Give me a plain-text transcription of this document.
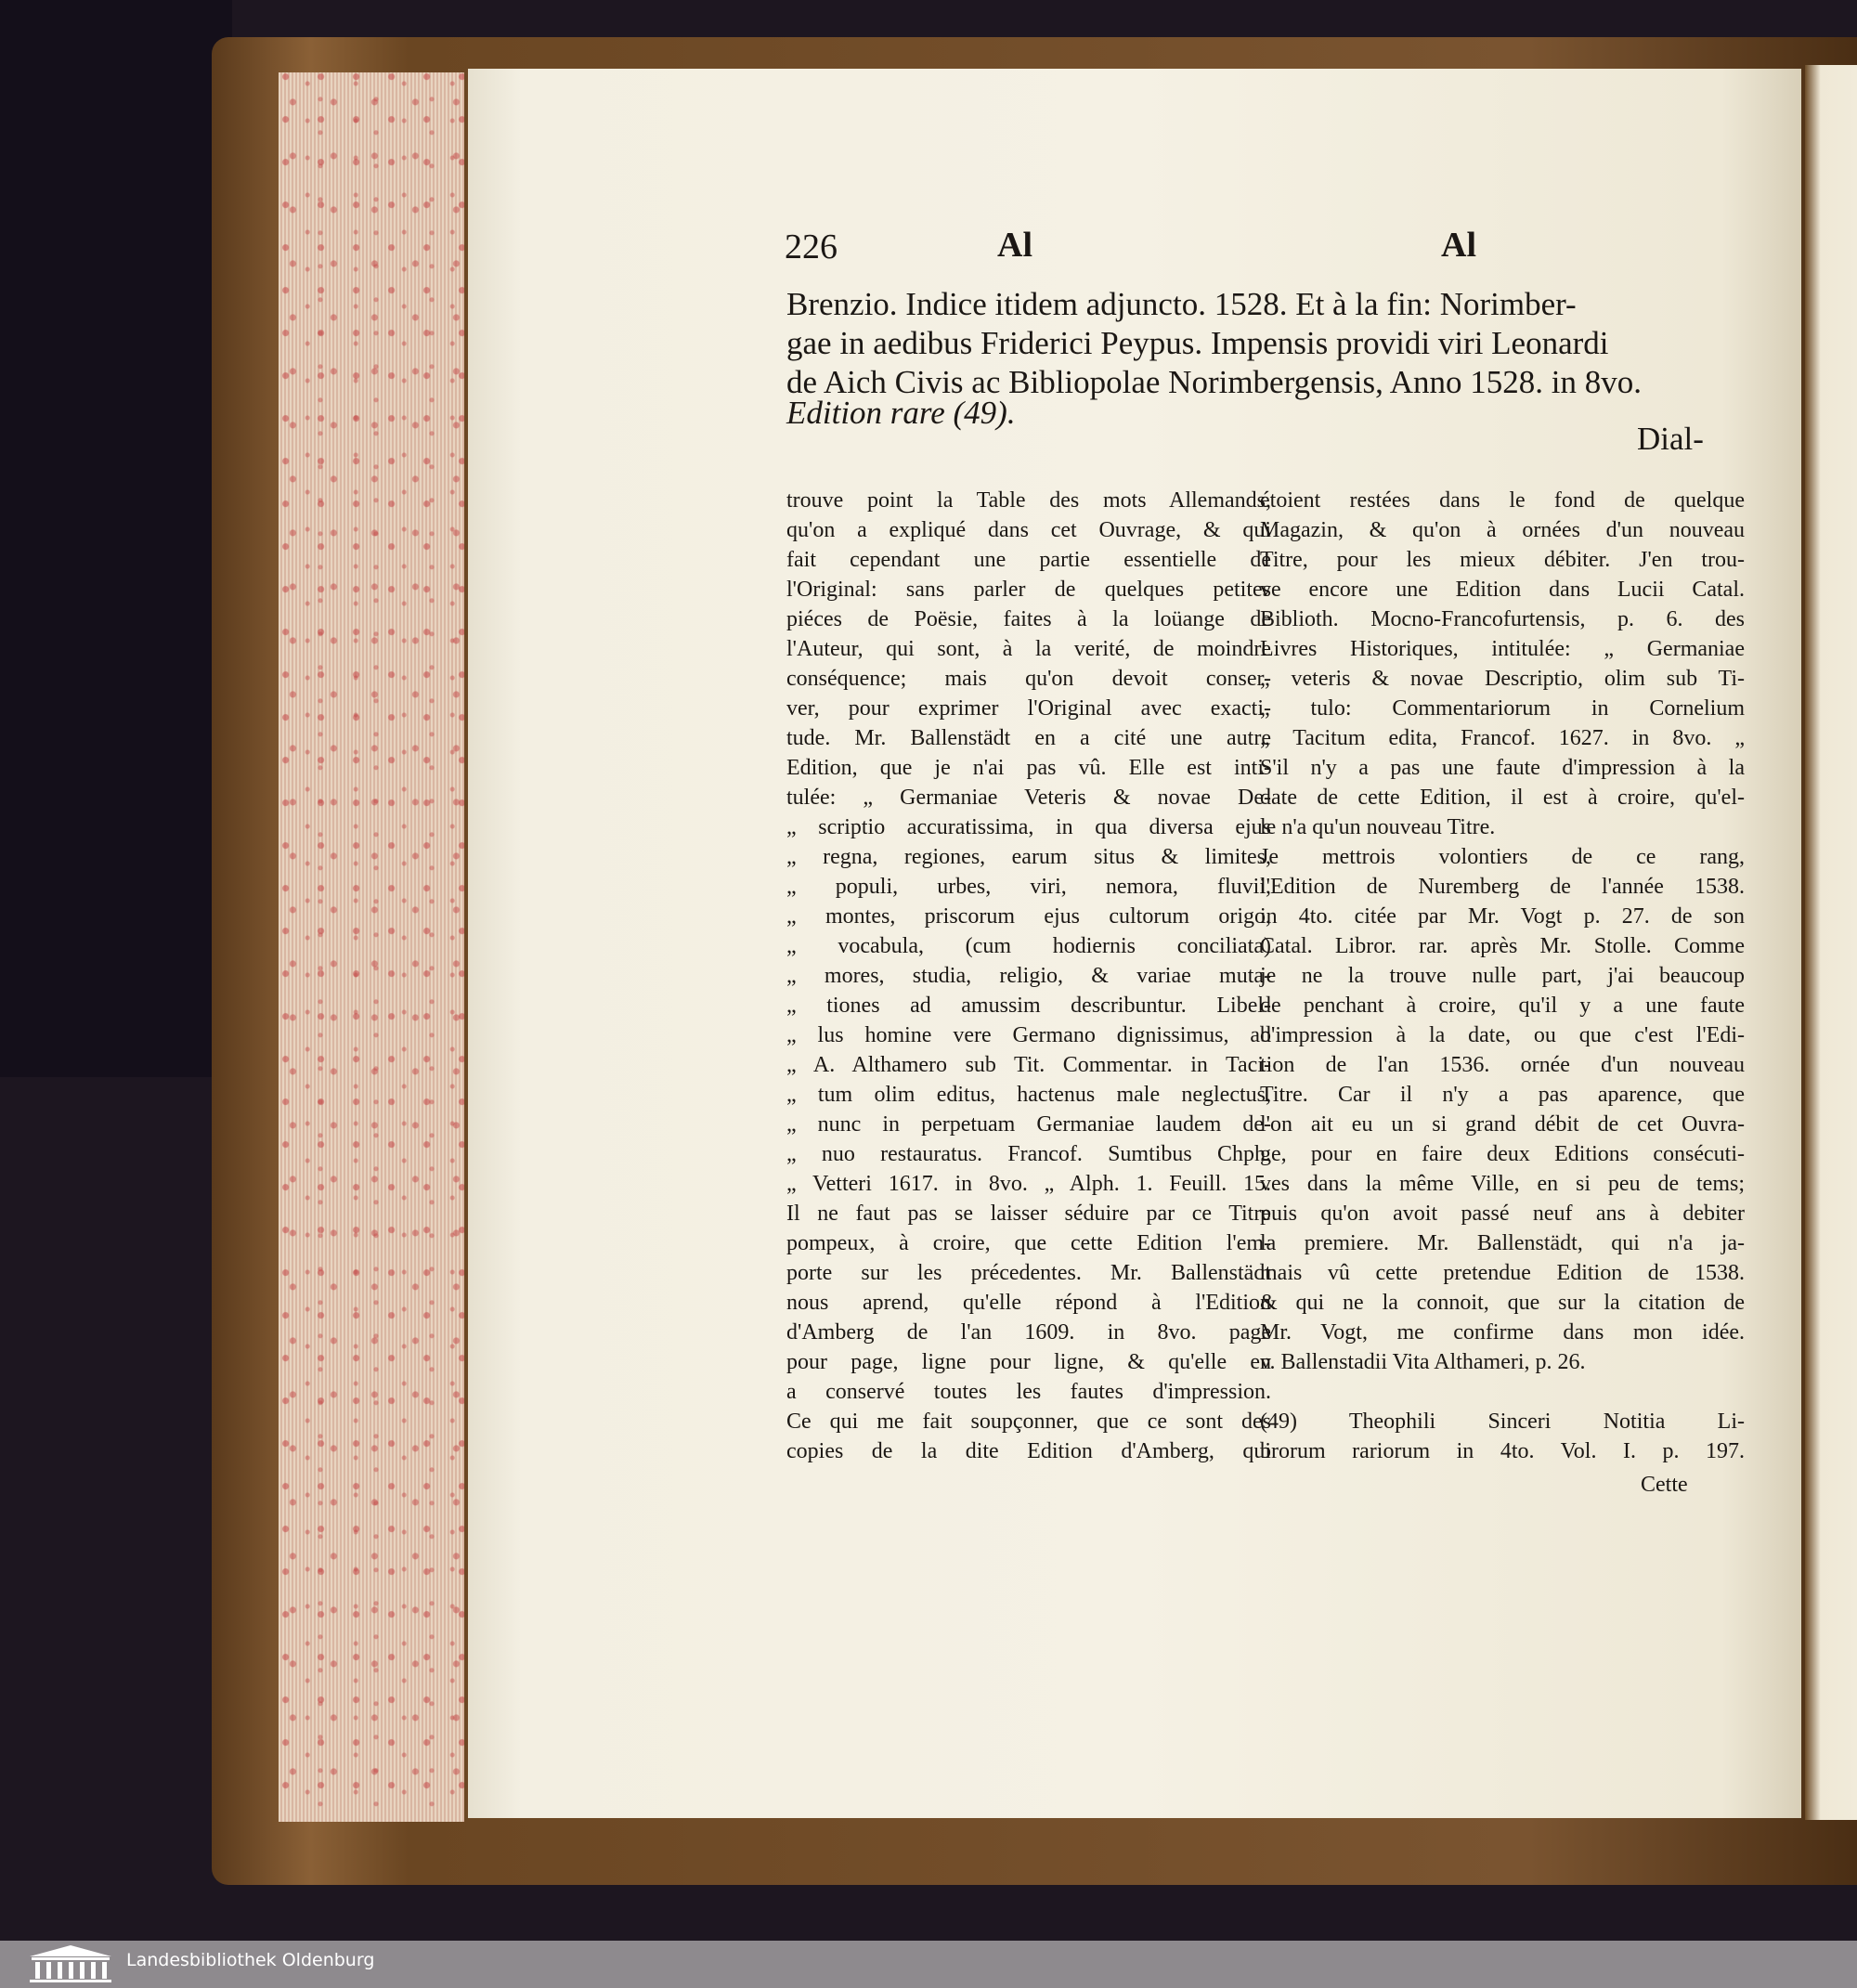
226	Al	Al
Brenzio. Indice itidem adjuncto. 1528. Et à la fin: Norimber-
gae in aedibus Friderici Peypus. Impensis providi viri Leonardi
de Aich Civis ac Bibliopolae Norimbergensis, Anno 1528. in 8vo.
Edition rare (49).
Dial-
trouve point la Table des mots Allemands,
qu'on a expliqué dans cet Ouvrage, & qui
fait cependant une partie essentielle de
l'Original: sans parler de quelques petites
piéces de Poësie, faites à la loüange de
l'Auteur, qui sont, à la verité, de moindre
conséquence; mais qu'on devoit conser-
ver, pour exprimer l'Original avec exacti-
tude. Mr. Ballenstädt en a cité une autre
Edition, que je n'ai pas vû. Elle est inti-
tulée: „ Germaniae Veteris & novae De-
„ scriptio accuratissima, in qua diversa ejus
„ regna, regiones, earum situs & limites,
„ populi, urbes, viri, nemora, fluvii,
„ montes, priscorum ejus cultorum origo,
„ vocabula, (cum hodiernis conciliata)
„ mores, studia, religio, & variae muta-
„ tiones ad amussim describuntur. Libel-
„ lus homine vere Germano dignissimus, ab
„ A. Althamero sub Tit. Commentar. in Taci-
„ tum olim editus, hactenus male neglectus,
„ nunc in perpetuam Germaniae laudem de-
„ nuo restauratus. Francof. Sumtibus Chph.
„ Vetteri 1617. in 8vo. „ Alph. 1. Feuill. 15.
Il ne faut pas se laisser séduire par ce Titre
pompeux, à croire, que cette Edition l'em-
porte sur les précedentes. Mr. Ballenstädt
nous aprend, qu'elle répond à l'Edition
d'Amberg de l'an 1609. in 8vo. page
pour page, ligne pour ligne, & qu'elle en
a conservé toutes les fautes d'impression.
Ce qui me fait soupçonner, que ce sont des
copies de la dite Edition d'Amberg, qui
étoient restées dans le fond de quelque
Magazin, & qu'on à ornées d'un nouveau
Titre, pour les mieux débiter. J'en trou-
ve encore une Edition dans Lucii Catal.
Biblioth. Mocno-Francofurtensis, p. 6. des
Livres Historiques, intitulée: „ Germaniae
„ veteris & novae Descriptio, olim sub Ti-
„ tulo: Commentariorum in Cornelium
„ Tacitum edita, Francof. 1627. in 8vo. „
S'il n'y a pas une faute d'impression à la
date de cette Edition, il est à croire, qu'el-
le n'a qu'un nouveau Titre.
Je mettrois volontiers de ce rang,
l'Edition de Nuremberg de l'année 1538.
in 4to. citée par Mr. Vogt p. 27. de son
Catal. Libror. rar. après Mr. Stolle. Comme
je ne la trouve nulle part, j'ai beaucoup
de penchant à croire, qu'il y a une faute
d'impression à la date, ou que c'est l'Edi-
tion de l'an 1536. ornée d'un nouveau
Titre. Car il n'y a pas aparence, que
l'on ait eu un si grand débit de cet Ouvra-
ge, pour en faire deux Editions consécuti-
ves dans la même Ville, en si peu de tems;
puis qu'on avoit passé neuf ans à debiter
la premiere. Mr. Ballenstädt, qui n'a ja-
mais vû cette pretendue Edition de 1538.
& qui ne la connoit, que sur la citation de
Mr. Vogt, me confirme dans mon idée.
v. Ballenstadii Vita Althameri, p. 26.

(49) Theophili Sinceri Notitia Li-
brorum rariorum in 4to. Vol. I. p. 197.
Cette
Landesbibliothek Oldenburg
